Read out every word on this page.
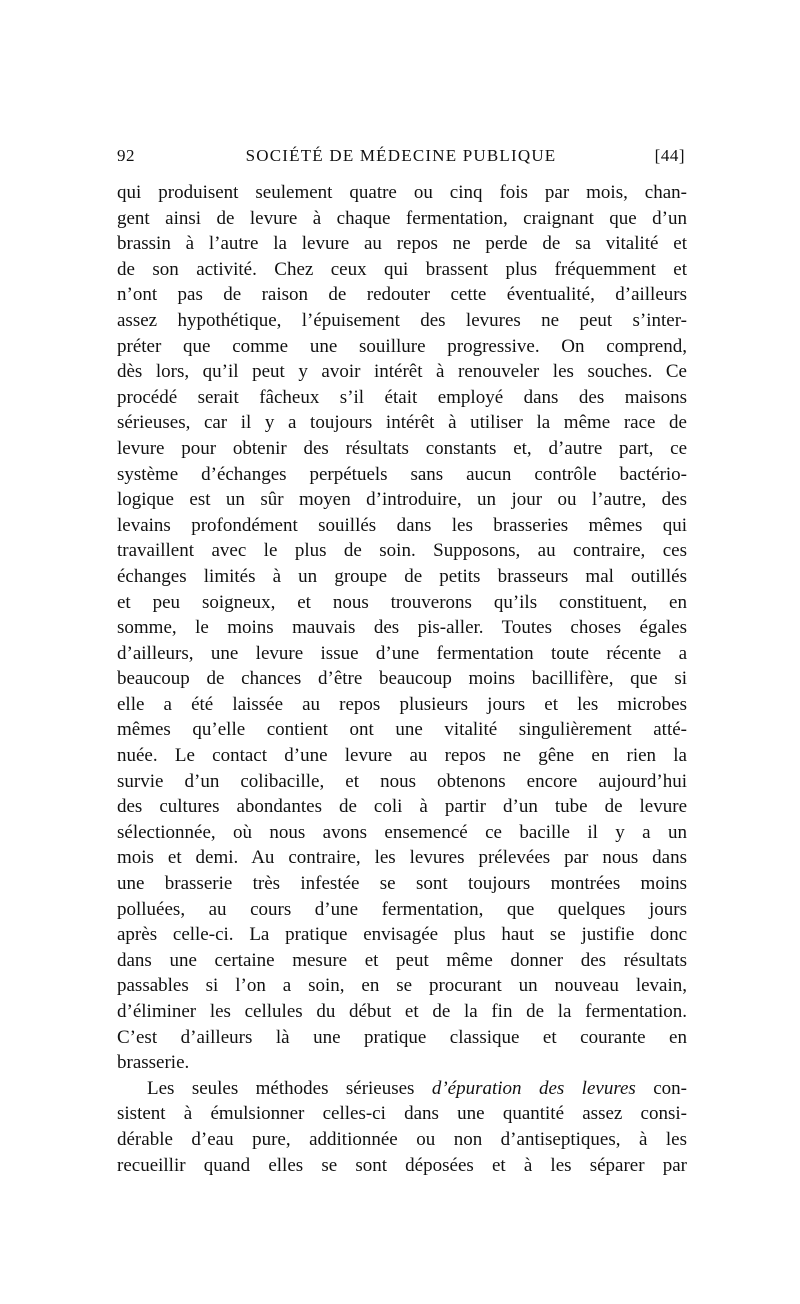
92	SOCIÉTÉ DE MÉDECINE PUBLIQUE	[44]
qui produisent seulement quatre ou cinq fois par mois, chan-
gent ainsi de levure à chaque fermentation, craignant que d’un
brassin à l’autre la levure au repos ne perde de sa vitalité et
de son activité. Chez ceux qui brassent plus fréquemment et
n’ont pas de raison de redouter cette éventualité, d’ailleurs
assez hypothétique, l’épuisement des levures ne peut s’inter-
préter que comme une souillure progressive. On comprend,
dès lors, qu’il peut y avoir intérêt à renouveler les souches. Ce
procédé serait fâcheux s’il était employé dans des maisons
sérieuses, car il y a toujours intérêt à utiliser la même race de
levure pour obtenir des résultats constants et, d’autre part, ce
système d’échanges perpétuels sans aucun contrôle bactério-
logique est un sûr moyen d’introduire, un jour ou l’autre, des
levains profondément souillés dans les brasseries mêmes qui
travaillent avec le plus de soin. Supposons, au contraire, ces
échanges limités à un groupe de petits brasseurs mal outillés
et peu soigneux, et nous trouverons qu’ils constituent, en
somme, le moins mauvais des pis-aller. Toutes choses égales
d’ailleurs, une levure issue d’une fermentation toute récente a
beaucoup de chances d’être beaucoup moins bacillifère, que si
elle a été laissée au repos plusieurs jours et les microbes
mêmes qu’elle contient ont une vitalité singulièrement atté-
nuée. Le contact d’une levure au repos ne gêne en rien la
survie d’un colibacille, et nous obtenons encore aujourd’hui
des cultures abondantes de coli à partir d’un tube de levure
sélectionnée, où nous avons ensemencé ce bacille il y a un
mois et demi. Au contraire, les levures prélevées par nous dans
une brasserie très infestée se sont toujours montrées moins
polluées, au cours d’une fermentation, que quelques jours
après celle-ci. La pratique envisagée plus haut se justifie donc
dans une certaine mesure et peut même donner des résultats
passables si l’on a soin, en se procurant un nouveau levain,
d’éliminer les cellules du début et de la fin de la fermentation.
C’est d’ailleurs là une pratique classique et courante en
brasserie.
Les seules méthodes sérieuses d’épuration des levures con-
sistent à émulsionner celles-ci dans une quantité assez consi-
dérable d’eau pure, additionnée ou non d’antiseptiques, à les
recueillir quand elles se sont déposées et à les séparer par
